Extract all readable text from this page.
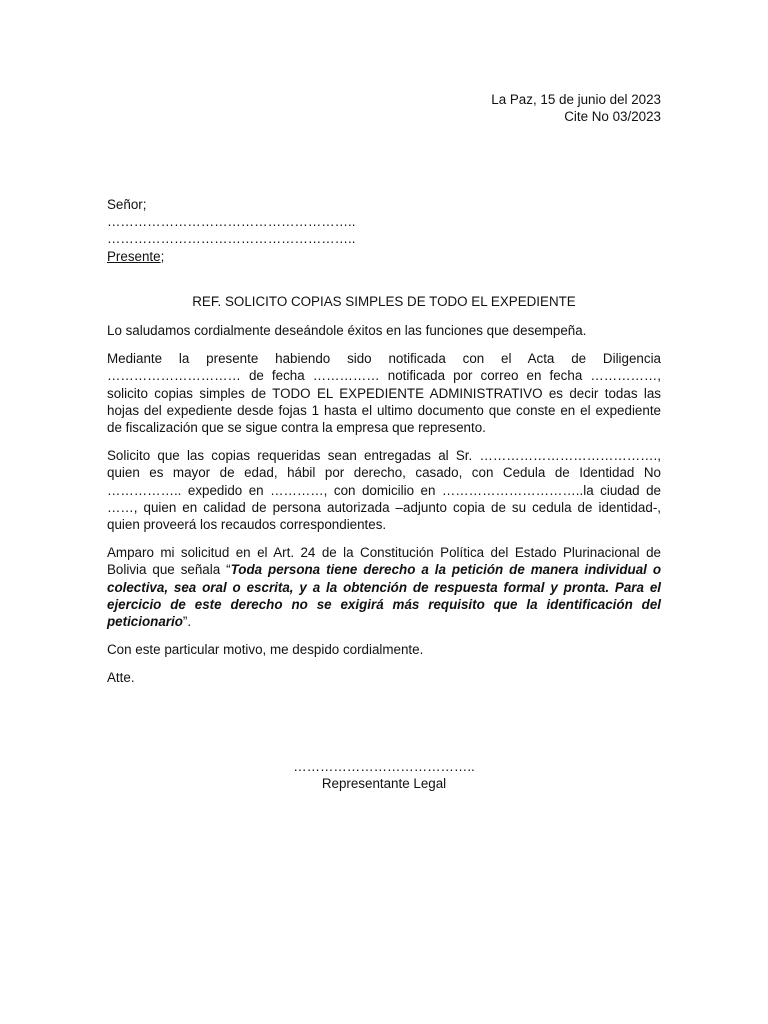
La Paz, 15 de junio del 2023
Cite No 03/2023
Señor;
………………………………………………..
………………………………………………..
Presente;
REF. SOLICITO COPIAS SIMPLES DE TODO EL EXPEDIENTE

Lo saludamos cordialmente deseándole éxitos en las funciones que desempeña.

Mediante la presente habiendo sido notificada con el Acta de Diligencia ………………………… de fecha …………… notificada por correo en fecha ……………, solicito copias simples de TODO EL EXPEDIENTE ADMINISTRATIVO es decir todas las hojas del expediente desde fojas 1 hasta el ultimo documento que conste en el expediente de fiscalización que se sigue contra la empresa que represento.

Solicito que las copias requeridas sean entregadas al Sr. …………………………………., quien es mayor de edad, hábil por derecho, casado, con Cedula de Identidad No …………….. expedido en …………, con domicilio en …………………………..la ciudad de ……, quien en calidad de persona autorizada –adjunto copia de su cedula de identidad-, quien proveerá los recaudos correspondientes.

Amparo mi solicitud en el Art. 24 de la Constitución Política del Estado Plurinacional de Bolivia que señala “Toda persona tiene derecho a la petición de manera individual o colectiva, sea oral o escrita, y a la obtención de respuesta formal y pronta. Para el ejercicio de este derecho no se exigirá más requisito que la identificación del peticionario”.

Con este particular motivo, me despido cordialmente.

Atte.

…………………………………..
Representante Legal
